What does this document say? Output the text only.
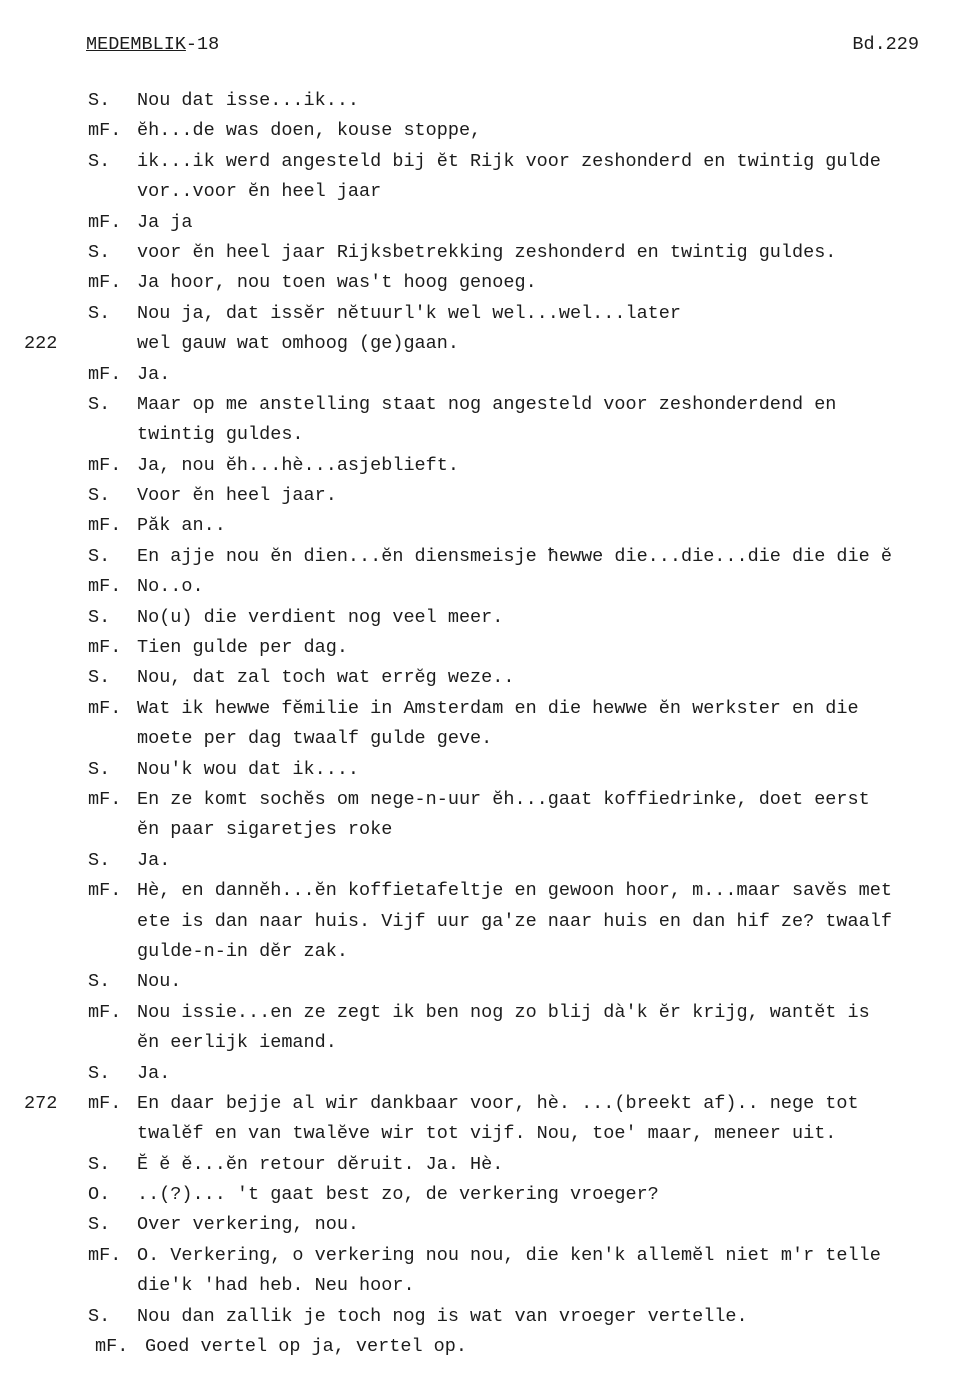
MEDEMBLIK-18	Bd.229
S.	Nou dat isse...ik...
mF. ĕh...de was doen, kouse stoppe,
S.	ik...ik werd angesteld bij ĕt Rijk voor zeshonderd en twintig gulde
vor..voor ĕn heel jaar
mF. Ja ja
S.	voor ĕn heel jaar Rijksbetrekking zeshonderd en twintig guldes.
mF. Ja hoor, nou toen was't hoog genoeg.
S.	Nou ja, dat issĕr nĕtuurl'k wel wel...wel...later
222	wel gauw wat omhoog (ge)gaan.
mF. Ja.
S.	Maar op me anstelling staat nog angesteld voor zeshonderdend en
twintig guldes.
mF. Ja, nou ĕh...hè...asjeblieft.
S.	Voor ĕn heel jaar.
mF. Păk an..
S.	En ajje nou ĕn dien...ĕn diensmeisje ħewwe die...die...die die die ĕ
mF. No..o.
S.	No(u) die verdient nog veel meer.
mF. Tien gulde per dag.
S.	Nou, dat zal toch wat errĕg weze..
mF. Wat ik hewwe fĕmilie in Amsterdam en die hewwe ĕn werkster en die
moete per dag twaalf gulde geve.
S.	Nou'k wou dat ik....
mF. En ze komt sochĕs om nege-n-uur ĕh...gaat koffiedrinke, doet eerst
ĕn paar sigaretjes roke
S.	Ja.
mF. Hè, en dannĕh...ĕn koffietafeltje en gewoon hoor, m...maar savĕs met
ete is dan naar huis. Vijf uur ga'ze naar huis en dan hif ze? twaalf
gulde-n-in dĕr zak.
S.	Nou.
mF. Nou issie...en ze zegt ik ben nog zo blij dà'k ĕr krijg, wantĕt is
ĕn eerlijk iemand.
S.	Ja.
272	mF. En daar bejje al wir dankbaar voor, hè. ...(breekt af).. nege tot
twalĕf en van twalĕve wir tot vijf. Nou, toe' maar, meneer uit.
S.	Ĕ ĕ ĕ...ĕn retour dĕruit. Ja. Hè.
O.	..(?)... 't gaat best zo, de verkering vroeger?
S.	Over verkering, nou.
mF. O. Verkering, o verkering nou nou, die ken'k allemĕl niet m'r telle
die'k 'had heb. Neu hoor.
S.	Nou dan zallik je toch nog is wat van vroeger vertelle.
mF. Goed vertel op ja, vertel op.
